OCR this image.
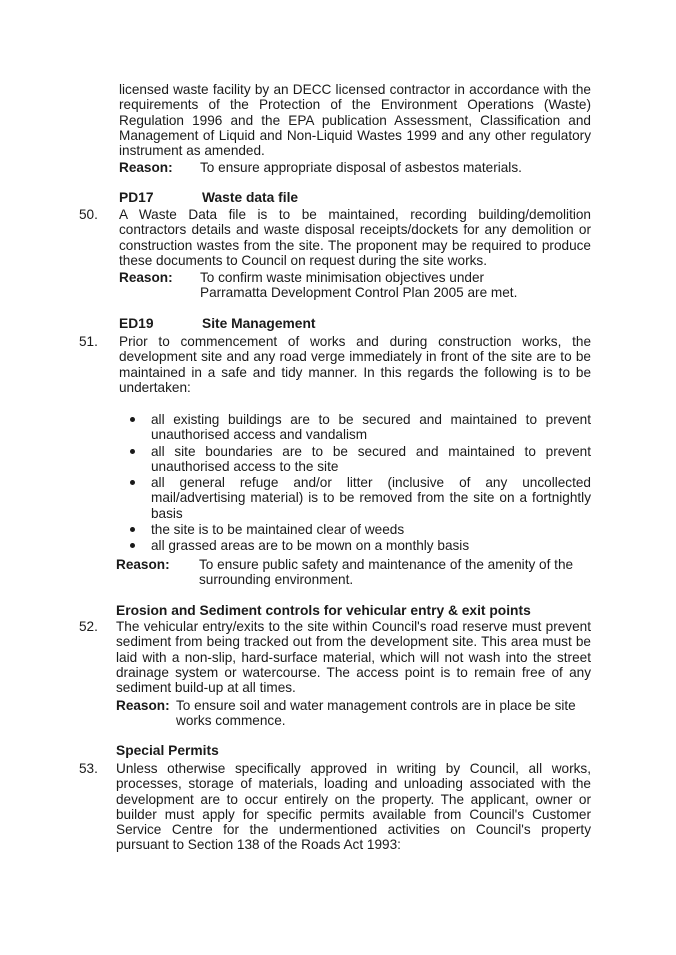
licensed waste facility by an DECC licensed contractor in accordance with the requirements of the Protection of the Environment Operations (Waste) Regulation 1996 and the EPA publication Assessment, Classification and Management of Liquid and Non-Liquid Wastes 1999 and any other regulatory instrument as amended.
Reason:	To ensure appropriate disposal of asbestos materials.
PD17	Waste data file
50.	A Waste Data file is to be maintained, recording building/demolition contractors details and waste disposal receipts/dockets for any demolition or construction wastes from the site. The proponent may be required to produce these documents to Council on request during the site works.
Reason:	To confirm waste minimisation objectives under Parramatta Development Control Plan 2005 are met.
ED19	Site Management
51.	Prior to commencement of works and during construction works, the development site and any road verge immediately in front of the site are to be maintained in a safe and tidy manner. In this regards the following is to be undertaken:
all existing buildings are to be secured and maintained to prevent unauthorised access and vandalism
all site boundaries are to be secured and maintained to prevent unauthorised access to the site
all general refuge and/or litter (inclusive of any uncollected mail/advertising material) is to be removed from the site on a fortnightly basis
the site is to be maintained clear of weeds
all grassed areas are to be mown on a monthly basis
Reason:	To ensure public safety and maintenance of the amenity of the surrounding environment.
Erosion and Sediment controls for vehicular entry & exit points
52.	The vehicular entry/exits to the site within Council's road reserve must prevent sediment from being tracked out from the development site. This area must be laid with a non-slip, hard-surface material, which will not wash into the street drainage system or watercourse. The access point is to remain free of any sediment build-up at all times.
Reason: To ensure soil and water management controls are in place be site works commence.
Special Permits
53.	Unless otherwise specifically approved in writing by Council, all works, processes, storage of materials, loading and unloading associated with the development are to occur entirely on the property. The applicant, owner or builder must apply for specific permits available from Council's Customer Service Centre for the undermentioned activities on Council's property pursuant to Section 138 of the Roads Act 1993:
